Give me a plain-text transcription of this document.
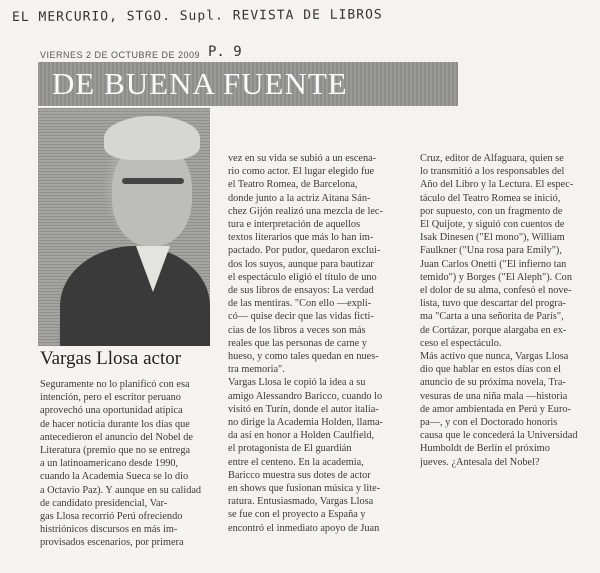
EL MERCURIO, STGO. Supl. REVISTA DE LIBROS
VIERNES 2 DE OCTUBRE DE 2009 P. 9
DE BUENA FUENTE
Vargas Llosa actor

Seguramente no lo planificó con esa
intención, pero el escritor peruano
aprovechó una oportunidad atípica
de hacer noticia durante los días que
antecedieron el anuncio del Nobel de
Literatura (premio que no se entrega
a un latinoamericano desde 1990,
cuando la Academia Sueca se lo dio
a Octavio Paz). Y aunque en su calidad
de candidato presidencial, Var-
gas Llosa recorrió Perú ofreciendo
histriónicos discursos en más im-
provisados escenarios, por primera

vez en su vida se subió a un escena-
rio como actor. El lugar elegido fue
el Teatro Romea, de Barcelona,
donde junto a la actriz Aitana Sán-
chez Gijón realizó una mezcla de lec-
tura e interpretación de aquellos
textos literarios que más lo han im-
pactado. Por pudor, quedaron exclui-
dos los suyos, aunque para bautizar
el espectáculo eligió el título de uno
de sus libros de ensayos: La verdad
de las mentiras. "Con ello —expli-
có— quise decir que las vidas ficti-
cias de los libros a veces son más
reales que las personas de carne y
hueso, y como tales quedan en nues-
tra memoria".
Vargas Llosa le copió la idea a su
amigo Alessandro Baricco, cuando lo
visitó en Turín, donde el autor italia-
no dirige la Academia Holden, llama-
da así en honor a Holden Caulfield,
el protagonista de El guardián
entre el centeno. En la academia,
Baricco muestra sus dotes de actor
en shows que fusionan música y lite-
ratura. Entusiasmado, Vargas Llosa
se fue con el proyecto a España y
encontró el inmediato apoyo de Juan

Cruz, editor de Alfaguara, quien se
lo transmitió a los responsables del
Año del Libro y la Lectura. El espec-
táculo del Teatro Romea se inició,
por supuesto, con un fragmento de
El Quijote, y siguió con cuentos de
Isak Dinesen ("El mono"), William
Faulkner ("Una rosa para Emily"),
Juan Carlos Onetti ("El infierno tan
temido") y Borges ("El Aleph"). Con
el dolor de su alma, confesó el nove-
lista, tuvo que descartar del progra-
ma "Carta a una señorita de París",
de Cortázar, porque alargaba en ex-
ceso el espectáculo.
Más activo que nunca, Vargas Llosa
dio que hablar en estos días con el
anuncio de su próxima novela, Tra-
vesuras de una niña mala —historia
de amor ambientada en Perú y Euro-
pa—, y con el Doctorado honoris
causa que le concederá la Universidad
Humboldt de Berlín el próximo
jueves. ¿Antesala del Nobel?
